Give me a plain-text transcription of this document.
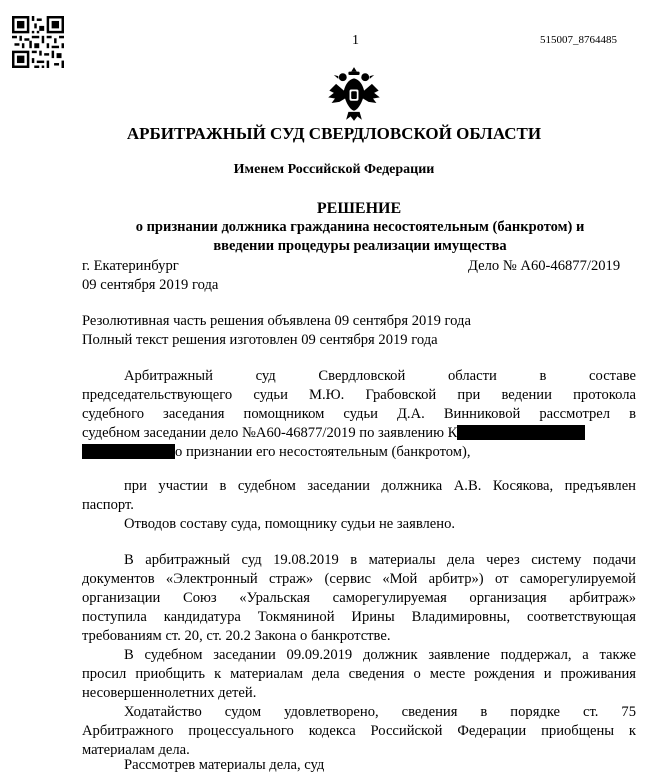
1	515007_8764485
АРБИТРАЖНЫЙ СУД СВЕРДЛОВСКОЙ ОБЛАСТИ
Именем Российской Федерации
РЕШЕНИЕ
о признании должника гражданина несостоятельным (банкротом) и
введении процедуры реализации имущества
г. Екатеринбург	Дело № А60-46877/2019
09 сентября 2019 года
Резолютивная часть решения объявлена 09 сентября 2019 года
Полный текст решения изготовлен 09 сентября 2019 года
Арбитражный суд Свердловской области в составе
председательствующего судьи М.Ю. Грабовской при ведении протокола
судебного заседания помощником судьи Д.А. Винниковой рассмотрел в
судебном заседании дело №А60-46877/2019 по заявлению К
о признании его несостоятельным (банкротом),
при участии в судебном заседании должника А.В. Косякова, предъявлен
паспорт.
Отводов составу суда, помощнику судьи не заявлено.
В арбитражный суд 19.08.2019 в материалы дела через систему подачи
документов «Электронный страж» (сервис «Мой арбитр») от саморегулируемой
организации Союз «Уральская саморегулируемая организация арбитраж»
поступила кандидатура Токмяниной Ирины Владимировны, соответствующая
требованиям ст. 20, ст. 20.2 Закона о банкротстве.
В судебном заседании 09.09.2019 должник заявление поддержал, а также
просил приобщить к материалам дела сведения о месте рождения и проживания
несовершеннолетних детей.
Ходатайство судом удовлетворено, сведения в порядке ст. 75
Арбитражного процессуального кодекса Российской Федерации приобщены к
материалам дела.
Рассмотрев материалы дела, суд
